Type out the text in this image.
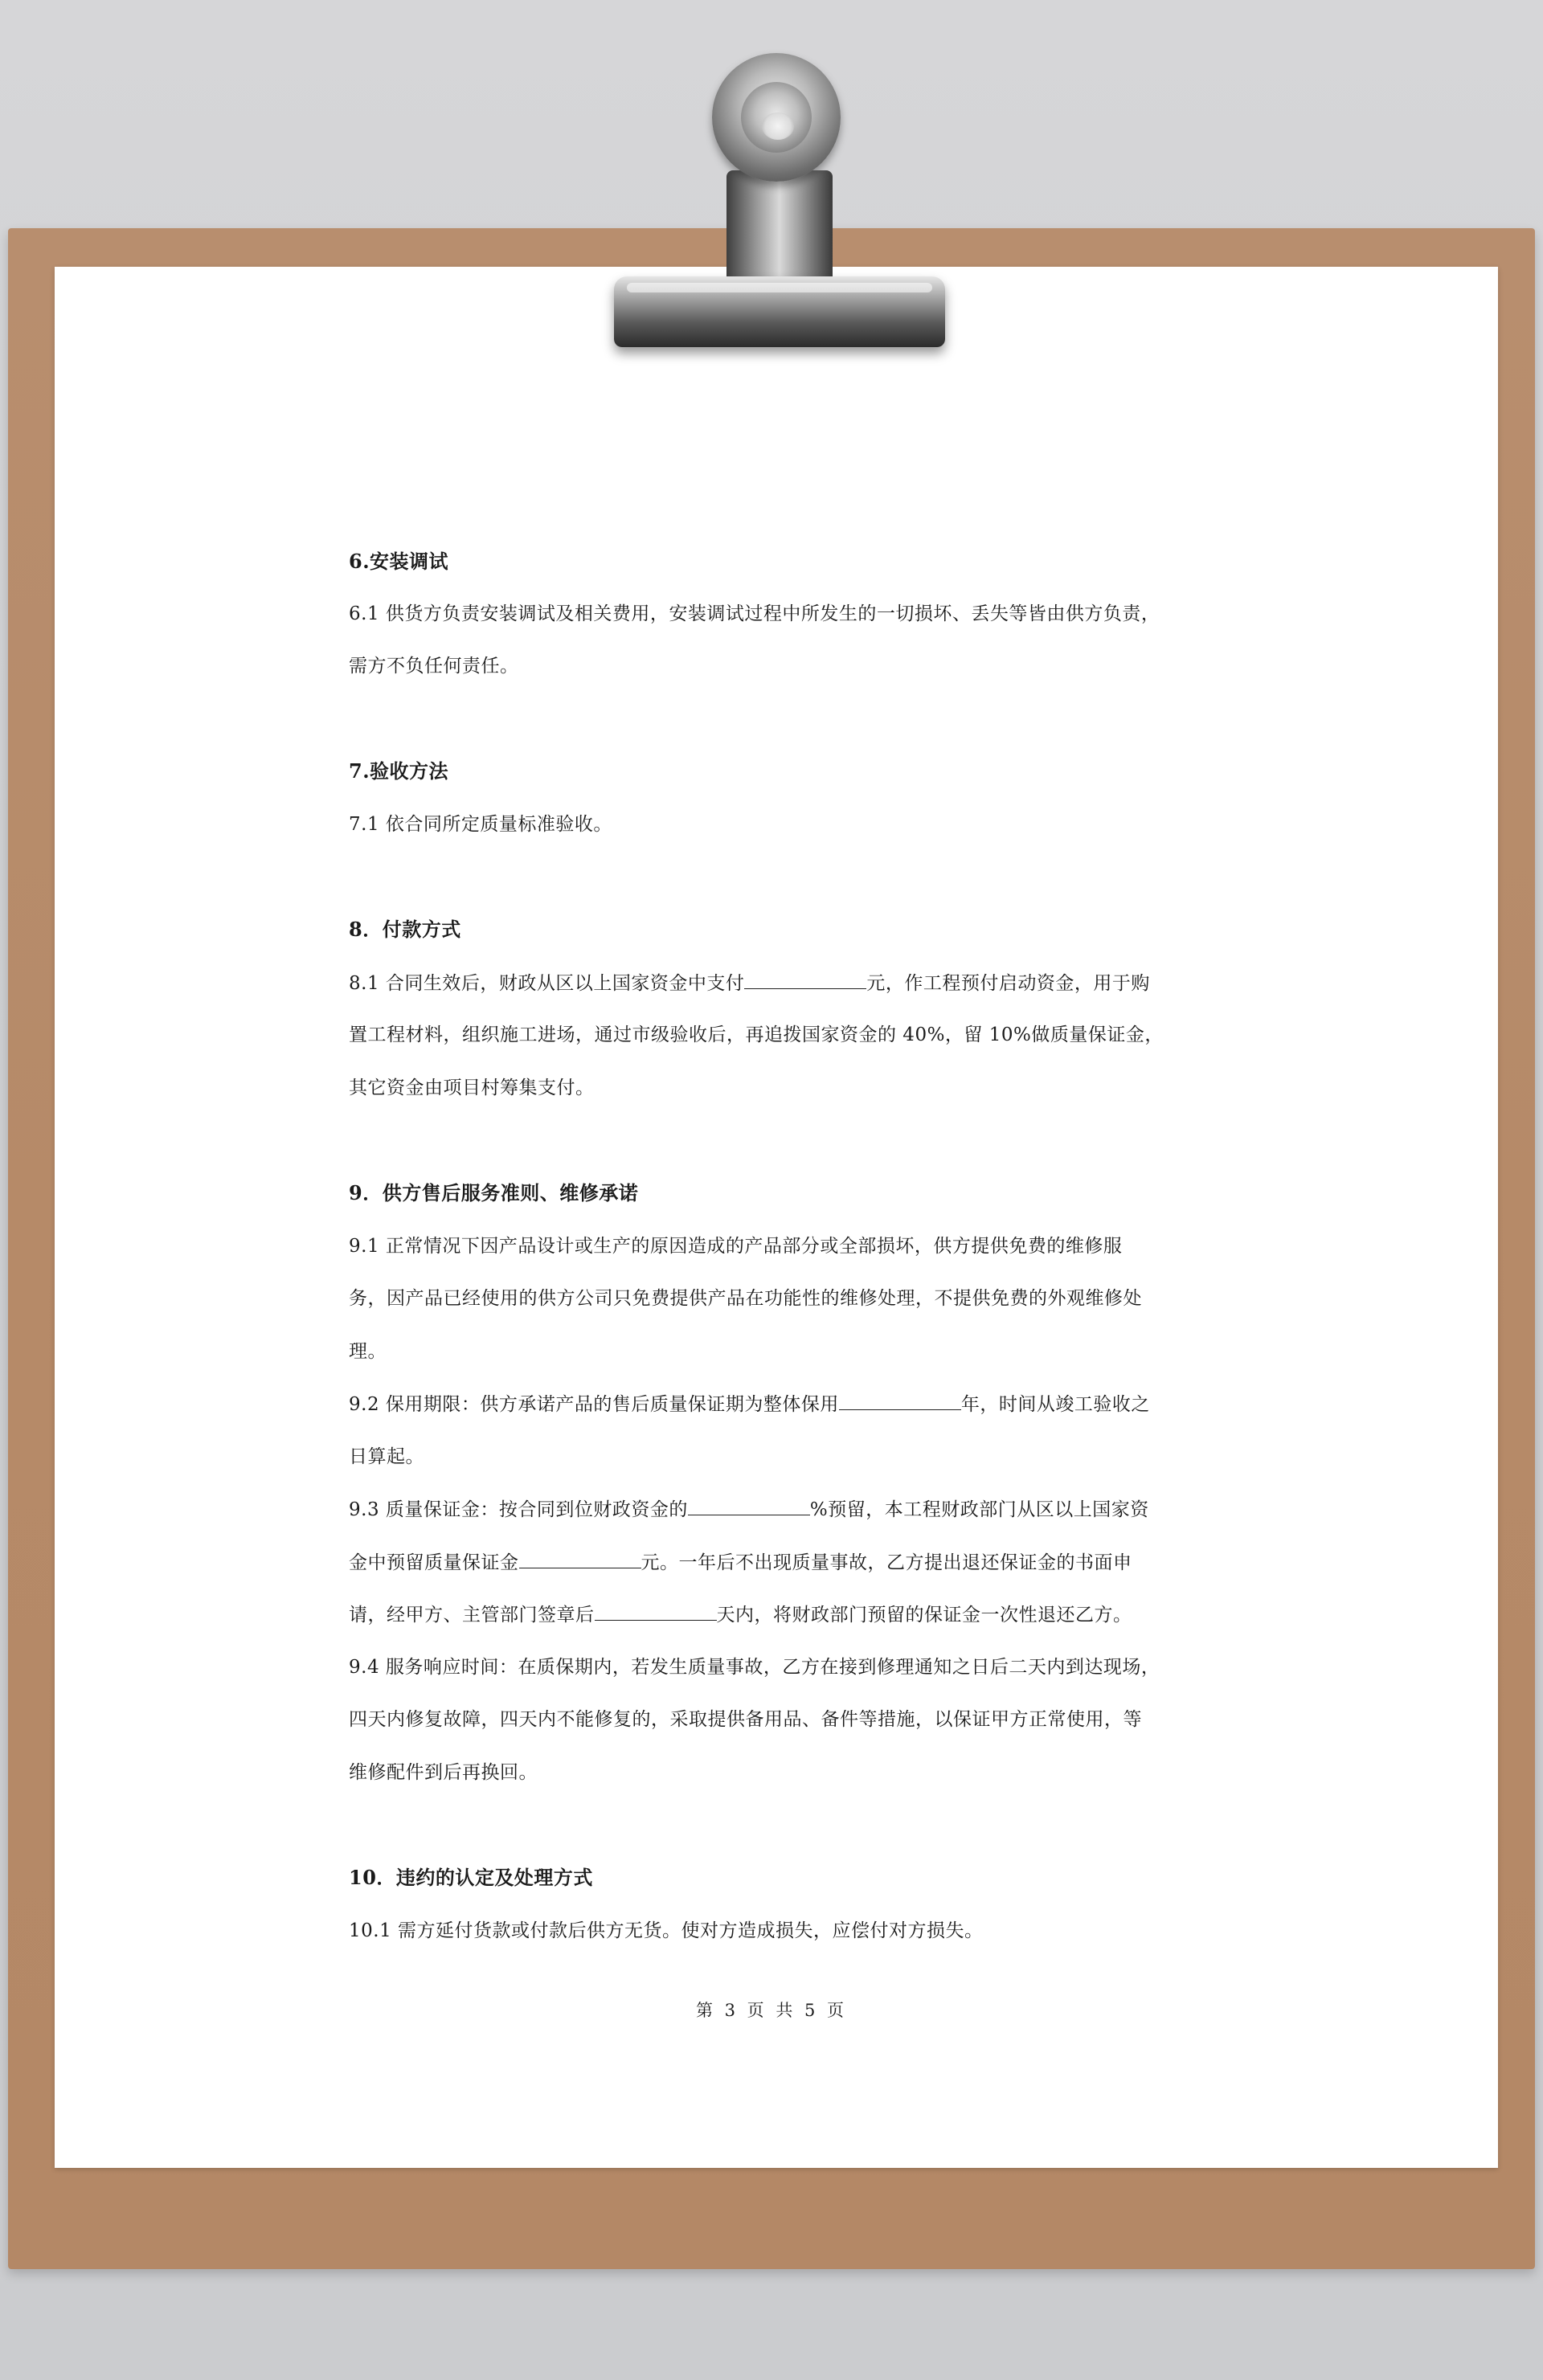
6.安装调试
6.1 供货方负责安装调试及相关费用，安装调试过程中所发生的一切损坏、丢失等皆由供方负责，
需方不负任何责任。
7.验收方法
7.1 依合同所定质量标准验收。
8．付款方式
8.1 合同生效后，财政从区以上国家资金中支付	元，作工程预付启动资金，用于购
置工程材料，组织施工进场，通过市级验收后，再追拨国家资金的 40%，留 10%做质量保证金，
其它资金由项目村筹集支付。
9．供方售后服务准则、维修承诺
9.1 正常情况下因产品设计或生产的原因造成的产品部分或全部损坏，供方提供免费的维修服
务，因产品已经使用的供方公司只免费提供产品在功能性的维修处理，不提供免费的外观维修处
理。
9.2 保用期限：供方承诺产品的售后质量保证期为整体保用	年，时间从竣工验收之
日算起。
9.3 质量保证金：按合同到位财政资金的	%预留，本工程财政部门从区以上国家资
金中预留质量保证金	元。一年后不出现质量事故，乙方提出退还保证金的书面申
请，经甲方、主管部门签章后	天内，将财政部门预留的保证金一次性退还乙方。
9.4 服务响应时间：在质保期内，若发生质量事故，乙方在接到修理通知之日后二天内到达现场，
四天内修复故障，四天内不能修复的，采取提供备用品、备件等措施，以保证甲方正常使用，等
维修配件到后再换回。
10．违约的认定及处理方式
10.1 需方延付货款或付款后供方无货。使对方造成损失，应偿付对方损失。
第 3 页 共 5 页
